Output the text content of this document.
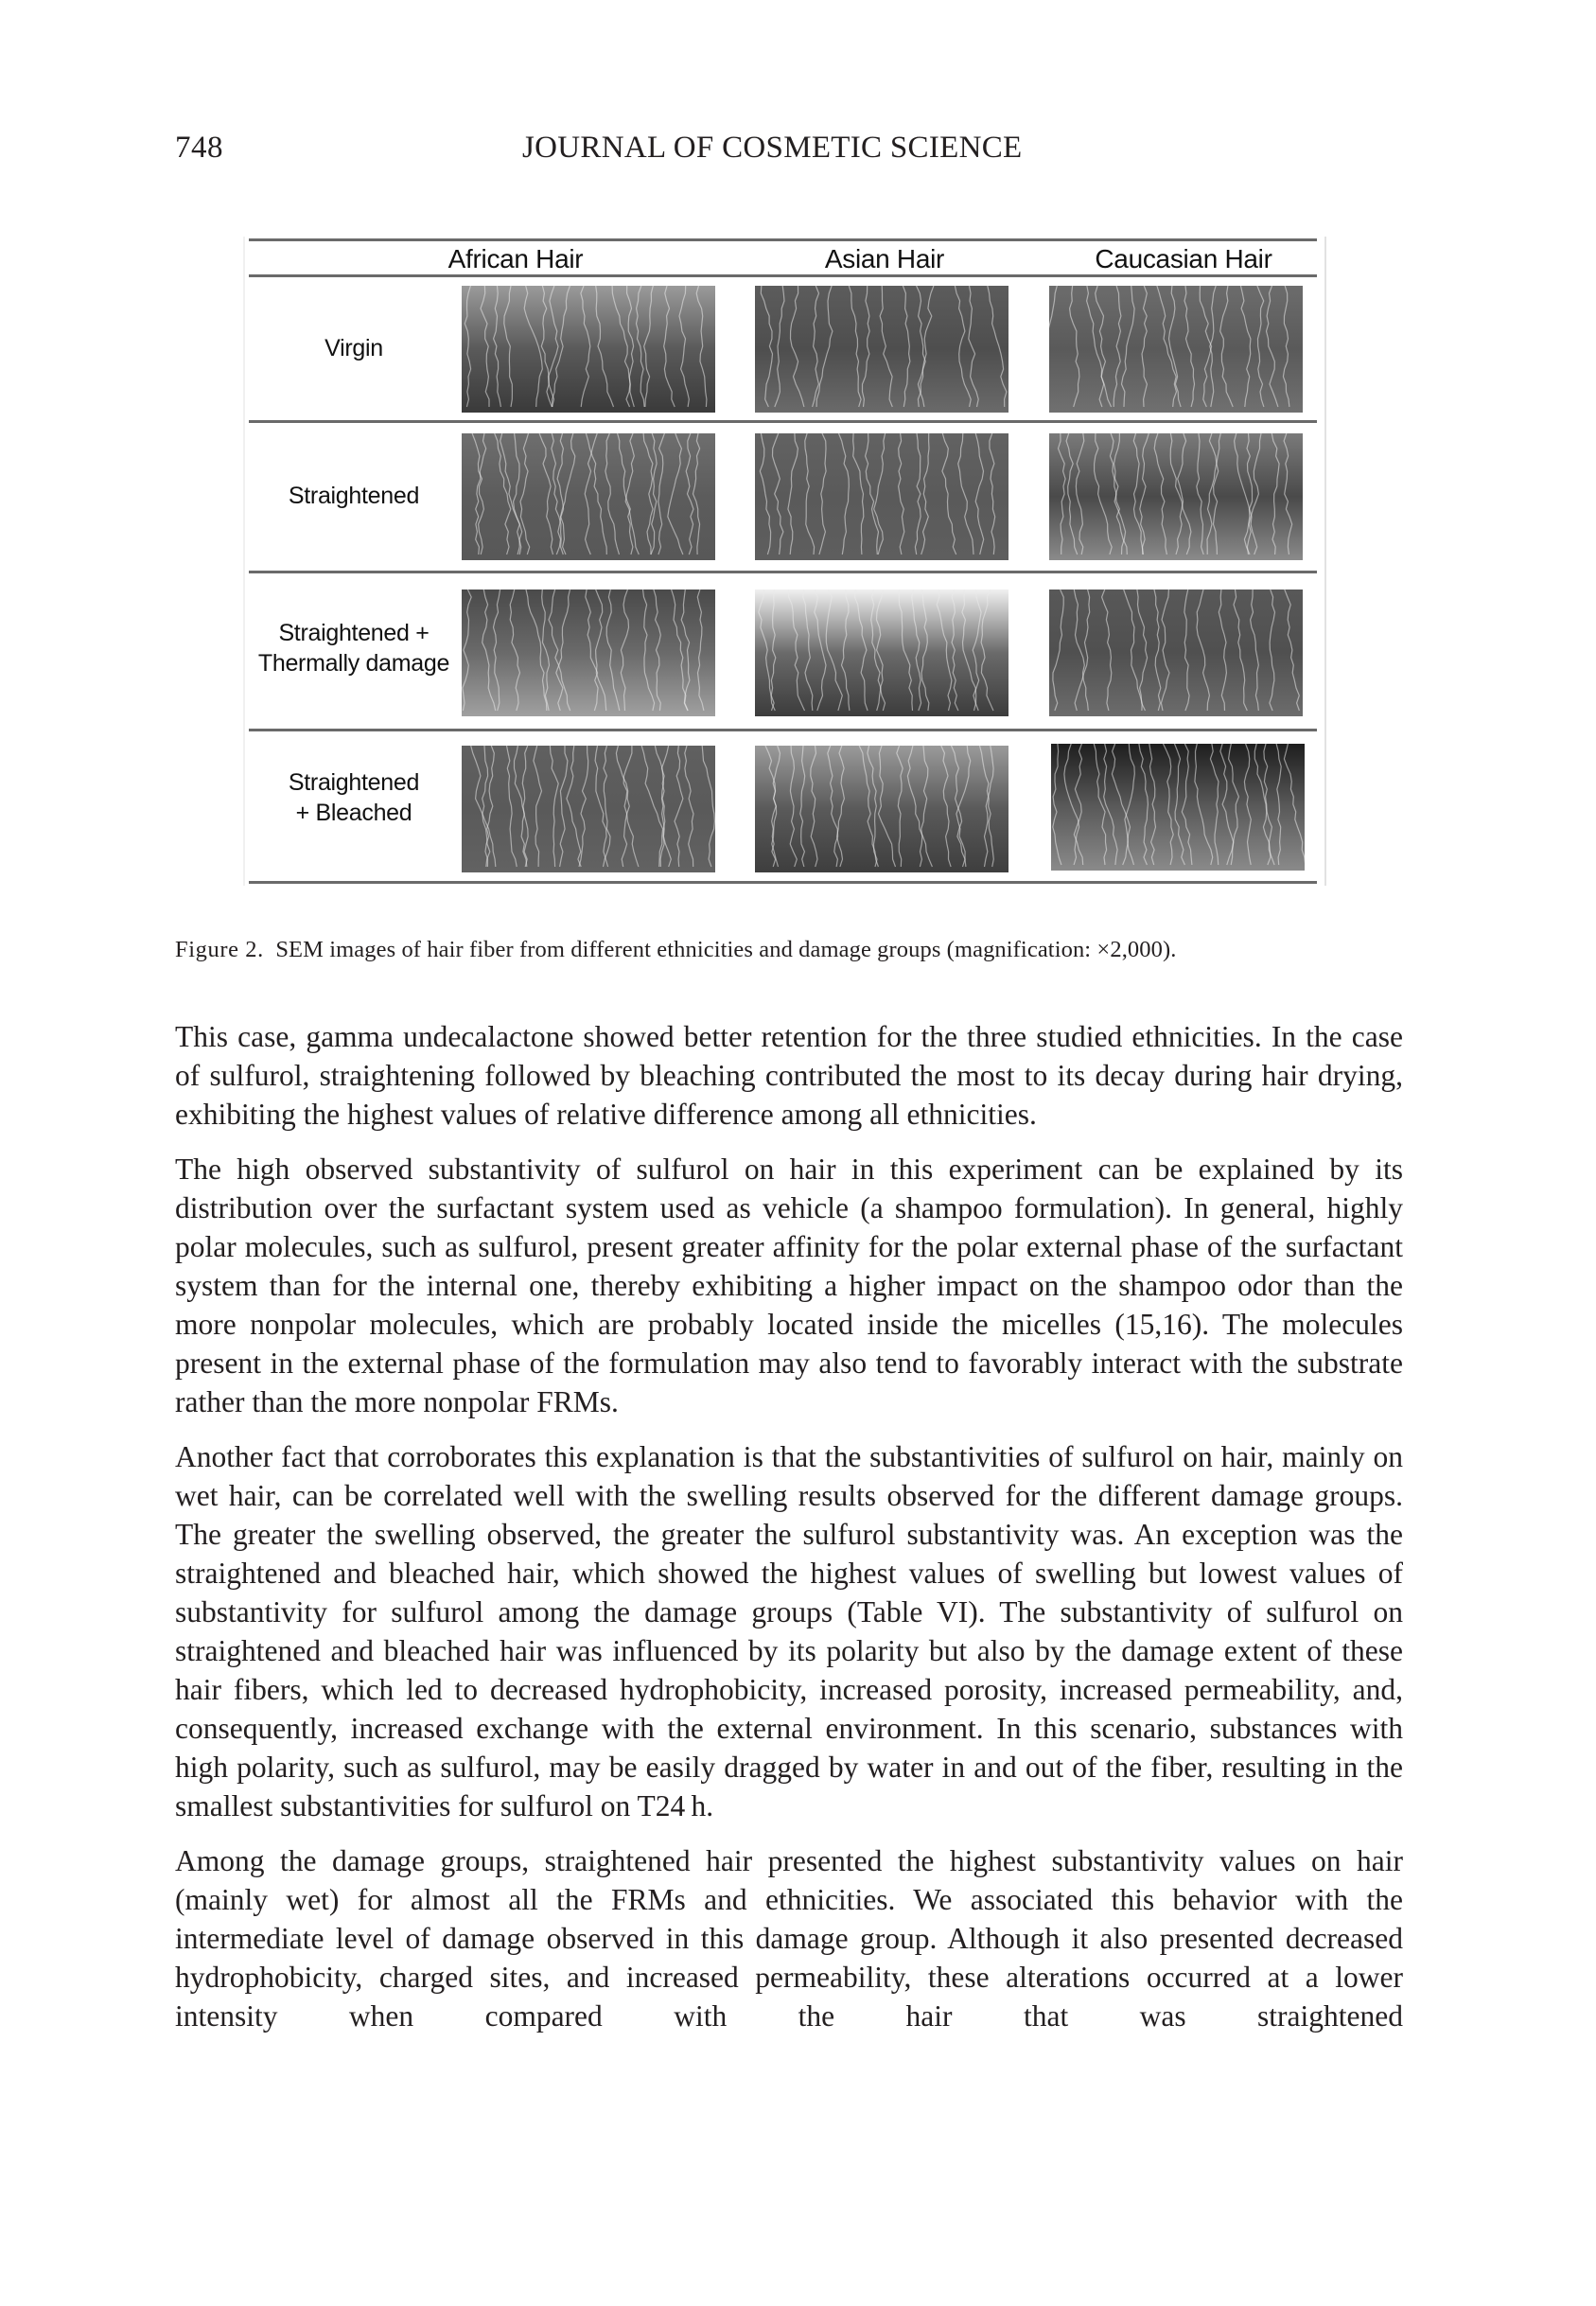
748	JOURNAL OF COSMETIC SCIENCE
African Hair	Asian Hair	Caucasian Hair
Virgin
Straightened
Straightened +
Thermally damage
Straightened
+ Bleached
Figure 2. SEM images of hair fiber from different ethnicities and damage groups (magnification: ×2,000).

This case, gamma undecalactone showed better retention for the three studied ethnicities. In the case of sulfurol, straightening followed by bleaching contributed the most to its decay during hair drying, exhibiting the highest values of relative difference among all ethnicities.

The high observed substantivity of sulfurol on hair in this experiment can be explained by its distribution over the surfactant system used as vehicle (a shampoo formulation). In general, highly polar molecules, such as sulfurol, present greater affinity for the polar external phase of the surfactant system than for the internal one, thereby exhibiting a higher impact on the shampoo odor than the more nonpolar molecules, which are probably located inside the micelles (15,16). The molecules present in the external phase of the formulation may also tend to favorably interact with the substrate rather than the more nonpolar FRMs.

Another fact that corroborates this explanation is that the substantivities of sulfurol on hair, mainly on wet hair, can be correlated well with the swelling results observed for the different damage groups. The greater the swelling observed, the greater the sulfurol substantivity was. An exception was the straightened and bleached hair, which showed the highest values of swelling but lowest values of substantivity for sulfurol among the damage groups (Table VI). The substantivity of sulfurol on straightened and bleached hair was influenced by its polarity but also by the damage extent of these hair fibers, which led to decreased hydrophobicity, increased porosity, increased permeability, and, consequently, increased exchange with the external environment. In this scenario, substances with high polarity, such as sulfurol, may be easily dragged by water in and out of the fiber, resulting in the smallest substantivities for sulfurol on T24 h.

Among the damage groups, straightened hair presented the highest substantivity values on hair (mainly wet) for almost all the FRMs and ethnicities. We associated this behavior with the intermediate level of damage observed in this damage group. Although it also presented decreased hydrophobicity, charged sites, and increased permeability, these alterations occurred at a lower intensity when compared with the hair that was straightened
